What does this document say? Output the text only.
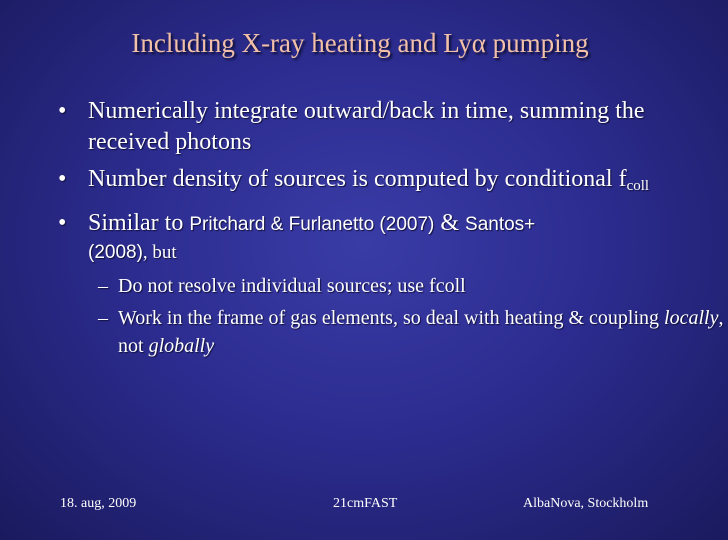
Including X-ray heating and Lyα pumping
• Numerically integrate outward/back in time, summing the received photons
• Number density of sources is computed by conditional $f_{coll}$
• Similar to Pritchard & Furlanetto (2007) & Santos+
(2008), but
– Do not resolve individual sources; use fcoll
– Work in the frame of gas elements, so deal with heating & coupling locally, not globally
18. aug, 2009	21cmFAST	AlbaNova, Stockholm
